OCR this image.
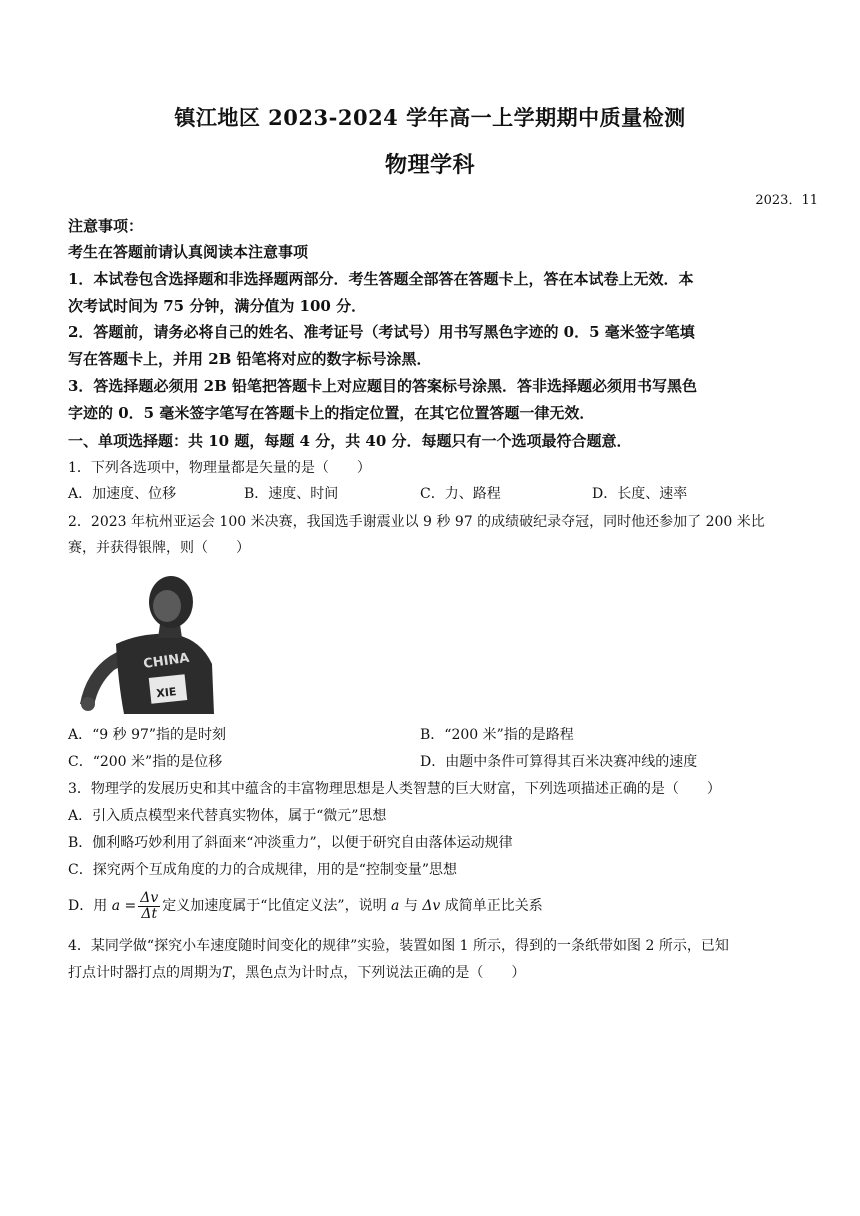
镇江地区 2023-2024 学年高一上学期期中质量检测
物理学科
2023．11
注意事项：
考生在答题前请认真阅读本注意事项
1．本试卷包含选择题和非选择题两部分．考生答题全部答在答题卡上，答在本试卷上无效．本
次考试时间为 75 分钟，满分值为 100 分．
2．答题前，请务必将自己的姓名、准考证号（考试号）用书写黑色字迹的 0．5 毫米签字笔填
写在答题卡上，并用 2B 铅笔将对应的数字标号涂黑．
3．答选择题必须用 2B 铅笔把答题卡上对应题目的答案标号涂黑．答非选择题必须用书写黑色
字迹的 0．5 毫米签字笔写在答题卡上的指定位置，在其它位置答题一律无效．
一、单项选择题：共 10 题，每题 4 分，共 40 分．每题只有一个选项最符合题意．
1．下列各选项中，物理量都是矢量的是（　　）
A．加速度、位移	B．速度、时间	C．力、路程	D．长度、速率
2．2023 年杭州亚运会 100 米决赛，我国选手谢震业以 9 秒 97 的成绩破纪录夺冠，同时他还参加了 200 米比
赛，并获得银牌，则（　　）
CHINA
XIE
A．“9 秒 97”指的是时刻	B．“200 米”指的是路程
C．“200 米”指的是位移	D．由题中条件可算得其百米决赛冲线的速度
3．物理学的发展历史和其中蕴含的丰富物理思想是人类智慧的巨大财富，下列选项描述正确的是（　　）
A．引入质点模型来代替真实物体，属于“微元”思想
B．伽利略巧妙利用了斜面来“冲淡重力”，以便于研究自由落体运动规律
C．探究两个互成角度的力的合成规律，用的是“控制变量”思想
D．用 $a = \frac{\Delta v}{\Delta t}$ 定义加速度属于“比值定义法”，说明 a 与 Δv 成简单正比关系
4．某同学做“探究小车速度随时间变化的规律”实验，装置如图 1 所示，得到的一条纸带如图 2 所示，已知
打点计时器打点的周期为T，黑色点为计时点，下列说法正确的是（　　）
